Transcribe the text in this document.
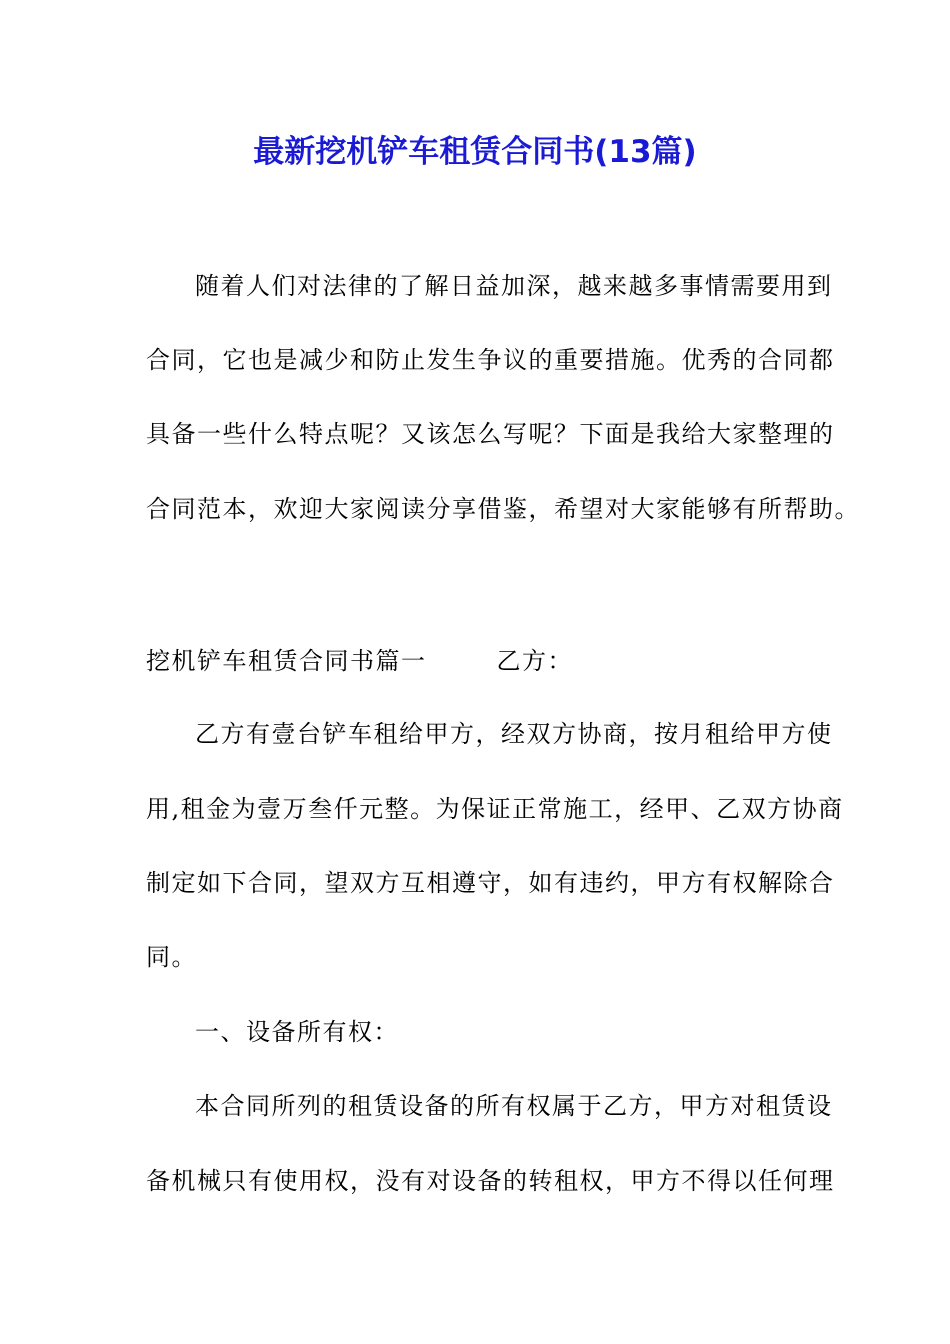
最新挖机铲车租赁合同书(13篇)

随着人们对法律的了解日益加深，越来越多事情需要用到

合同，它也是减少和防止发生争议的重要措施。优秀的合同都

具备一些什么特点呢？又该怎么写呢？下面是我给大家整理的

合同范本，欢迎大家阅读分享借鉴，希望对大家能够有所帮助。

挖机铲车租赁合同书篇一	乙方：

乙方有壹台铲车租给甲方，经双方协商，按月租给甲方使

用,租金为壹万叁仟元整。为保证正常施工，经甲、乙双方协商

制定如下合同，望双方互相遵守，如有违约，甲方有权解除合

同。

一、设备所有权：

本合同所列的租赁设备的所有权属于乙方，甲方对租赁设

备机械只有使用权，没有对设备的转租权，甲方不得以任何理
